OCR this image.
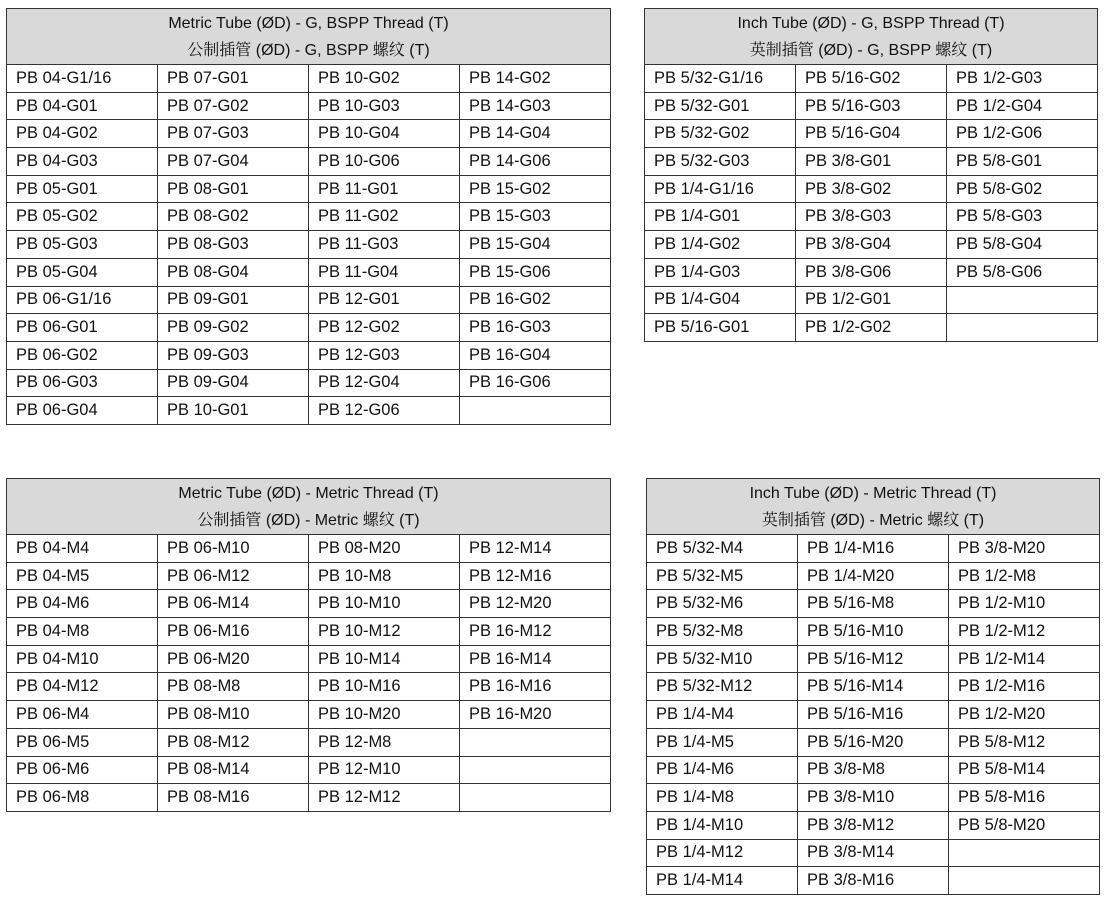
Metric Tube (ØD) - G, BSPP Thread (T)
公制插管 (ØD) - G, BSPP 螺纹 (T)			

PB 04-G1/16	PB 07-G01	PB 10-G02	PB 14-G02
PB 04-G01	PB 07-G02	PB 10-G03	PB 14-G03
PB 04-G02	PB 07-G03	PB 10-G04	PB 14-G04
PB 04-G03	PB 07-G04	PB 10-G06	PB 14-G06
PB 05-G01	PB 08-G01	PB 11-G01	PB 15-G02
PB 05-G02	PB 08-G02	PB 11-G02	PB 15-G03
PB 05-G03	PB 08-G03	PB 11-G03	PB 15-G04
PB 05-G04	PB 08-G04	PB 11-G04	PB 15-G06
PB 06-G1/16	PB 09-G01	PB 12-G01	PB 16-G02
PB 06-G01	PB 09-G02	PB 12-G02	PB 16-G03
PB 06-G02	PB 09-G03	PB 12-G03	PB 16-G04
PB 06-G03	PB 09-G04	PB 12-G04	PB 16-G06
PB 06-G04	PB 10-G01	PB 12-G06	
Inch Tube (ØD) - G, BSPP Thread (T)
英制插管 (ØD) - G, BSPP 螺纹 (T)		

PB 5/32-G1/16	PB 5/16-G02	PB 1/2-G03
PB 5/32-G01	PB 5/16-G03	PB 1/2-G04
PB 5/32-G02	PB 5/16-G04	PB 1/2-G06
PB 5/32-G03	PB 3/8-G01	PB 5/8-G01
PB 1/4-G1/16	PB 3/8-G02	PB 5/8-G02
PB 1/4-G01	PB 3/8-G03	PB 5/8-G03
PB 1/4-G02	PB 3/8-G04	PB 5/8-G04
PB 1/4-G03	PB 3/8-G06	PB 5/8-G06
PB 1/4-G04	PB 1/2-G01	
PB 5/16-G01	PB 1/2-G02	
Metric Tube (ØD) - Metric Thread (T)
公制插管 (ØD) - Metric 螺纹 (T)			

PB 04-M4	PB 06-M10	PB 08-M20	PB 12-M14
PB 04-M5	PB 06-M12	PB 10-M8	PB 12-M16
PB 04-M6	PB 06-M14	PB 10-M10	PB 12-M20
PB 04-M8	PB 06-M16	PB 10-M12	PB 16-M12
PB 04-M10	PB 06-M20	PB 10-M14	PB 16-M14
PB 04-M12	PB 08-M8	PB 10-M16	PB 16-M16
PB 06-M4	PB 08-M10	PB 10-M20	PB 16-M20
PB 06-M5	PB 08-M12	PB 12-M8	
PB 06-M6	PB 08-M14	PB 12-M10	
PB 06-M8	PB 08-M16	PB 12-M12	
Inch Tube (ØD) - Metric Thread (T)
英制插管 (ØD) - Metric 螺纹 (T)		

PB 5/32-M4	PB 1/4-M16	PB 3/8-M20
PB 5/32-M5	PB 1/4-M20	PB 1/2-M8
PB 5/32-M6	PB 5/16-M8	PB 1/2-M10
PB 5/32-M8	PB 5/16-M10	PB 1/2-M12
PB 5/32-M10	PB 5/16-M12	PB 1/2-M14
PB 5/32-M12	PB 5/16-M14	PB 1/2-M16
PB 1/4-M4	PB 5/16-M16	PB 1/2-M20
PB 1/4-M5	PB 5/16-M20	PB 5/8-M12
PB 1/4-M6	PB 3/8-M8	PB 5/8-M14
PB 1/4-M8	PB 3/8-M10	PB 5/8-M16
PB 1/4-M10	PB 3/8-M12	PB 5/8-M20
PB 1/4-M12	PB 3/8-M14	
PB 1/4-M14	PB 3/8-M16	
